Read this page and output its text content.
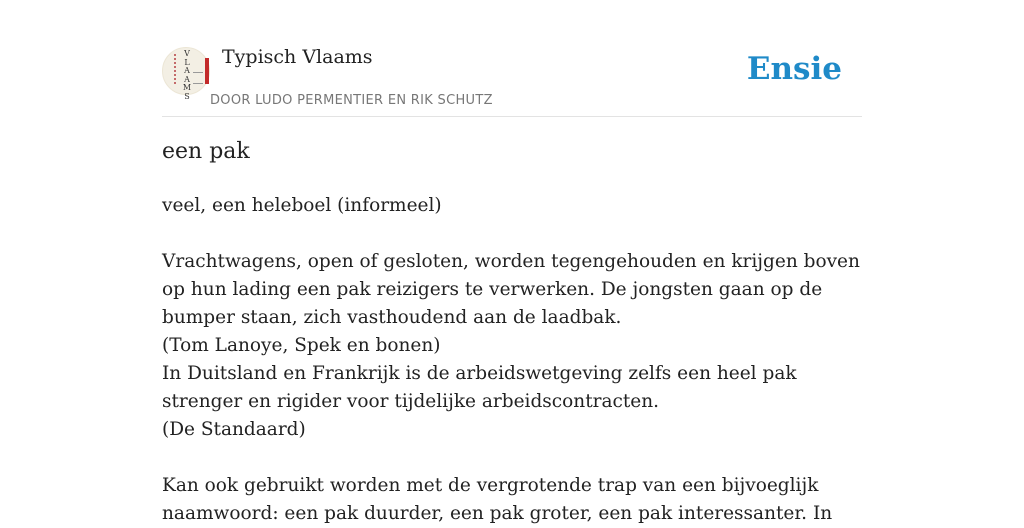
V
L
A
A
M
S
Typisch Vlaams
DOOR LUDO PERMENTIER EN RIK SCHUTZ
Ensie
een pak

veel, een heleboel (informeel)

Vrachtwagens, open of gesloten, worden tegengehouden en krijgen boven op hun lading een pak reizigers te verwerken. De jongsten gaan op de bumper staan, zich vasthoudend aan de laadbak.

(Tom Lanoye, Spek en bonen)

In Duitsland en Frankrijk is de arbeidswetgeving zelfs een heel pak strenger en rigider voor tijdelijke arbeidscontracten.

(De Standaard)

Kan ook gebruikt worden met de vergrotende trap van een bijvoeglijk naamwoord: een pak duurder, een pak groter, een pak interessanter. In
